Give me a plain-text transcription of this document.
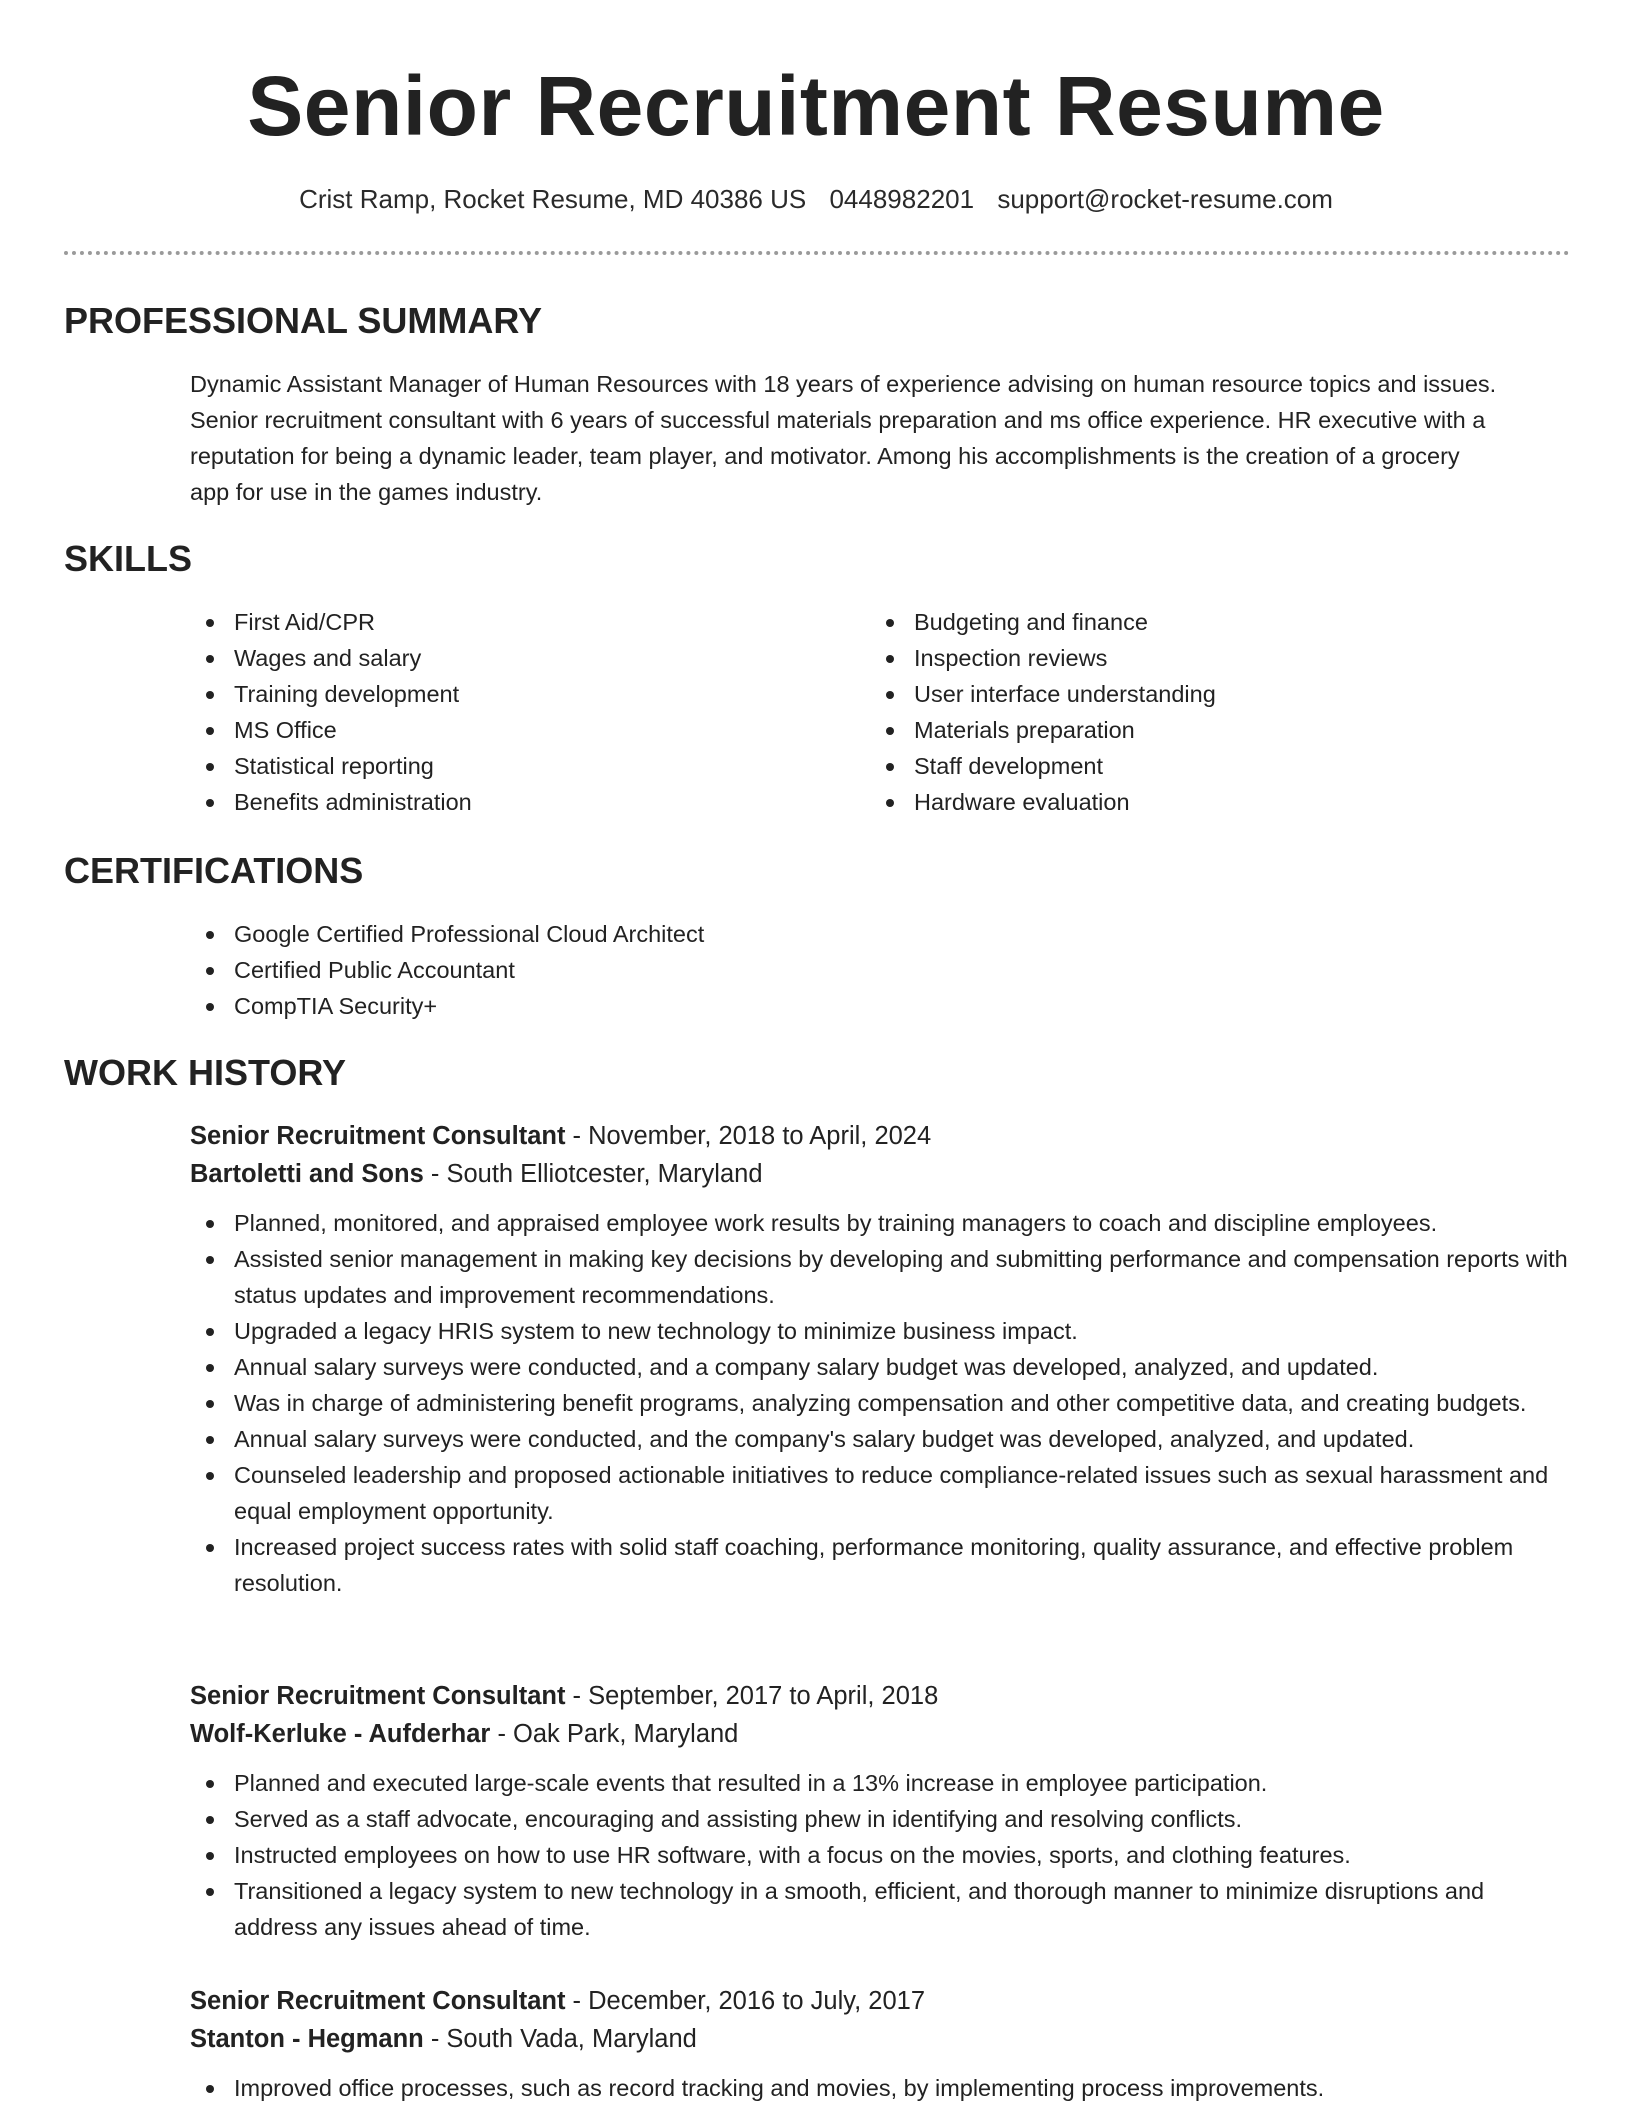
Senior Recruitment Resume
Crist Ramp, Rocket Resume, MD 40386 US 0448982201 support@rocket-resume.com
PROFESSIONAL SUMMARY
Dynamic Assistant Manager of Human Resources with 18 years of experience advising on human resource topics and issues. Senior recruitment consultant with 6 years of successful materials preparation and ms office experience. HR executive with a reputation for being a dynamic leader, team player, and motivator. Among his accomplishments is the creation of a grocery app for use in the games industry.
SKILLS
First Aid/CPR
Wages and salary
Training development
MS Office
Statistical reporting
Benefits administration
Budgeting and finance
Inspection reviews
User interface understanding
Materials preparation
Staff development
Hardware evaluation
CERTIFICATIONS
Google Certified Professional Cloud Architect
Certified Public Accountant
CompTIA Security+
WORK HISTORY
Senior Recruitment Consultant - November, 2018 to April, 2024
Bartoletti and Sons - South Elliotcester, Maryland
Planned, monitored, and appraised employee work results by training managers to coach and discipline employees.
Assisted senior management in making key decisions by developing and submitting performance and compensation reports with status updates and improvement recommendations.
Upgraded a legacy HRIS system to new technology to minimize business impact.
Annual salary surveys were conducted, and a company salary budget was developed, analyzed, and updated.
Was in charge of administering benefit programs, analyzing compensation and other competitive data, and creating budgets.
Annual salary surveys were conducted, and the company's salary budget was developed, analyzed, and updated.
Counseled leadership and proposed actionable initiatives to reduce compliance-related issues such as sexual harassment and equal employment opportunity.
Increased project success rates with solid staff coaching, performance monitoring, quality assurance, and effective problem resolution.
Senior Recruitment Consultant - September, 2017 to April, 2018
Wolf-Kerluke - Aufderhar - Oak Park, Maryland
Planned and executed large-scale events that resulted in a 13% increase in employee participation.
Served as a staff advocate, encouraging and assisting phew in identifying and resolving conflicts.
Instructed employees on how to use HR software, with a focus on the movies, sports, and clothing features.
Transitioned a legacy system to new technology in a smooth, efficient, and thorough manner to minimize disruptions and address any issues ahead of time.
Senior Recruitment Consultant - December, 2016 to July, 2017
Stanton - Hegmann - South Vada, Maryland
Improved office processes, such as record tracking and movies, by implementing process improvements.
